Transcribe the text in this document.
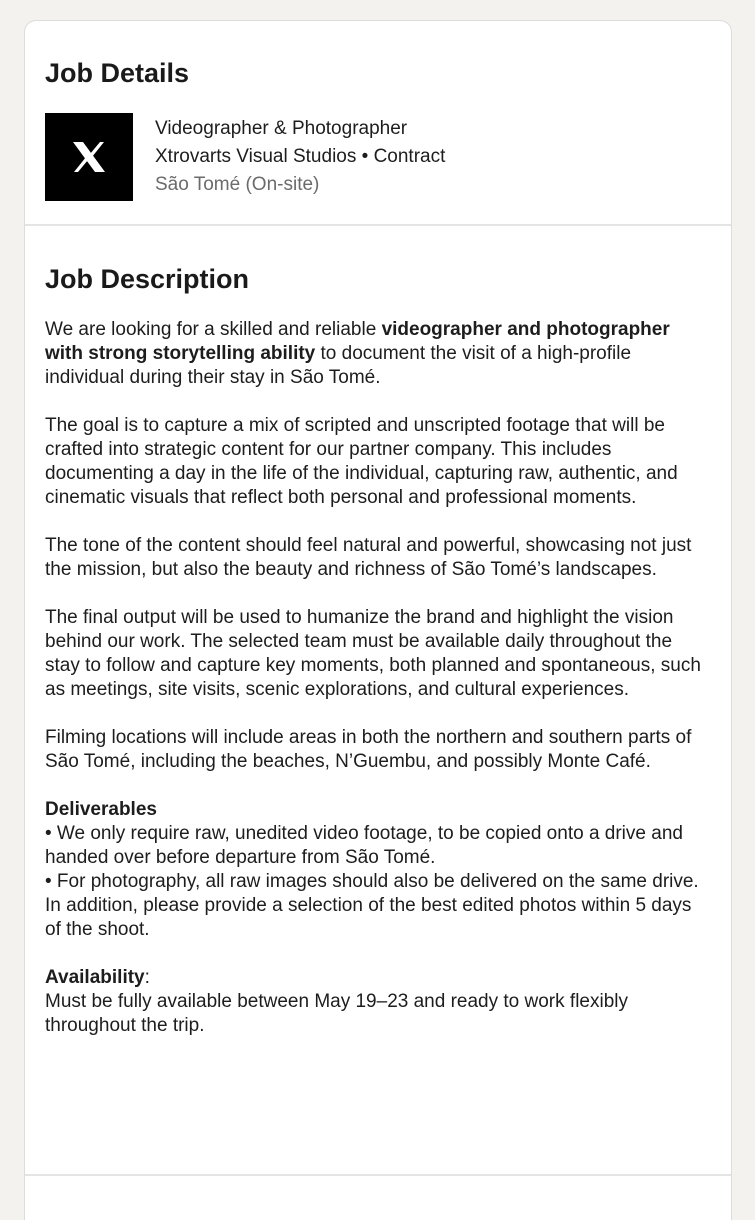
Job Details
Videographer & Photographer
Xtrovarts Visual Studios • Contract
São Tomé (On-site)
Job Description

We are looking for a skilled and reliable videographer and photographer with strong storytelling ability to document the visit of a high-profile individual during their stay in São Tomé.

The goal is to capture a mix of scripted and unscripted footage that will be crafted into strategic content for our partner company. This includes documenting a day in the life of the individual, capturing raw, authentic, and cinematic visuals that reflect both personal and professional moments.

The tone of the content should feel natural and powerful, showcasing not just the mission, but also the beauty and richness of São Tomé’s landscapes.

The final output will be used to humanize the brand and highlight the vision behind our work. The selected team must be available daily throughout the stay to follow and capture key moments, both planned and spontaneous, such as meetings, site visits, scenic explorations, and cultural experiences.

Filming locations will include areas in both the northern and southern parts of São Tomé, including the beaches, N’Guembu, and possibly Monte Café.

Deliverables
• We only require raw, unedited video footage, to be copied onto a drive and handed over before departure from São Tomé.
• For photography, all raw images should also be delivered on the same drive. In addition, please provide a selection of the best edited photos within 5 days of the shoot.

Availability:
Must be fully available between May 19–23 and ready to work flexibly throughout the trip.
